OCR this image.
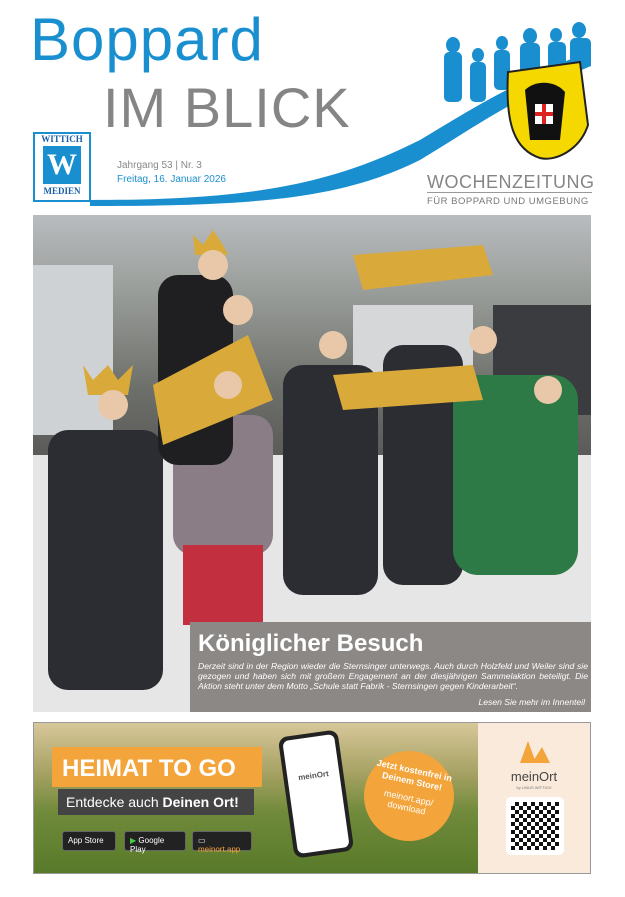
Boppard
IM BLICK
WITTICH
W
MEDIEN
Jahrgang 53 | Nr. 3
Freitag, 16. Januar 2026	WOCHENZEITUNG
FÜR BOPPARD UND UMGEBUNG
Königlicher Besuch
Derzeit sind in der Region wieder die Sternsinger unterwegs. Auch durch Holzfeld und Weiler sind sie gezogen und haben sich mit großem Engagement an der diesjährigen Sammelaktion beteiligt. Die Aktion steht unter dem Motto „Schule statt Fabrik - Sternsingen gegen Kinderarbeit“.
Lesen Sie mehr im Innenteil
HEIMAT TO GO
Entdecke auch Deinen Ort!
App Store	▶ Google Play
▭ meinort.app
meinOrt	Jetzt kostenfrei in Deinem Store!
meinort.app/ download
meinOrt
by LINUS WITTICH
